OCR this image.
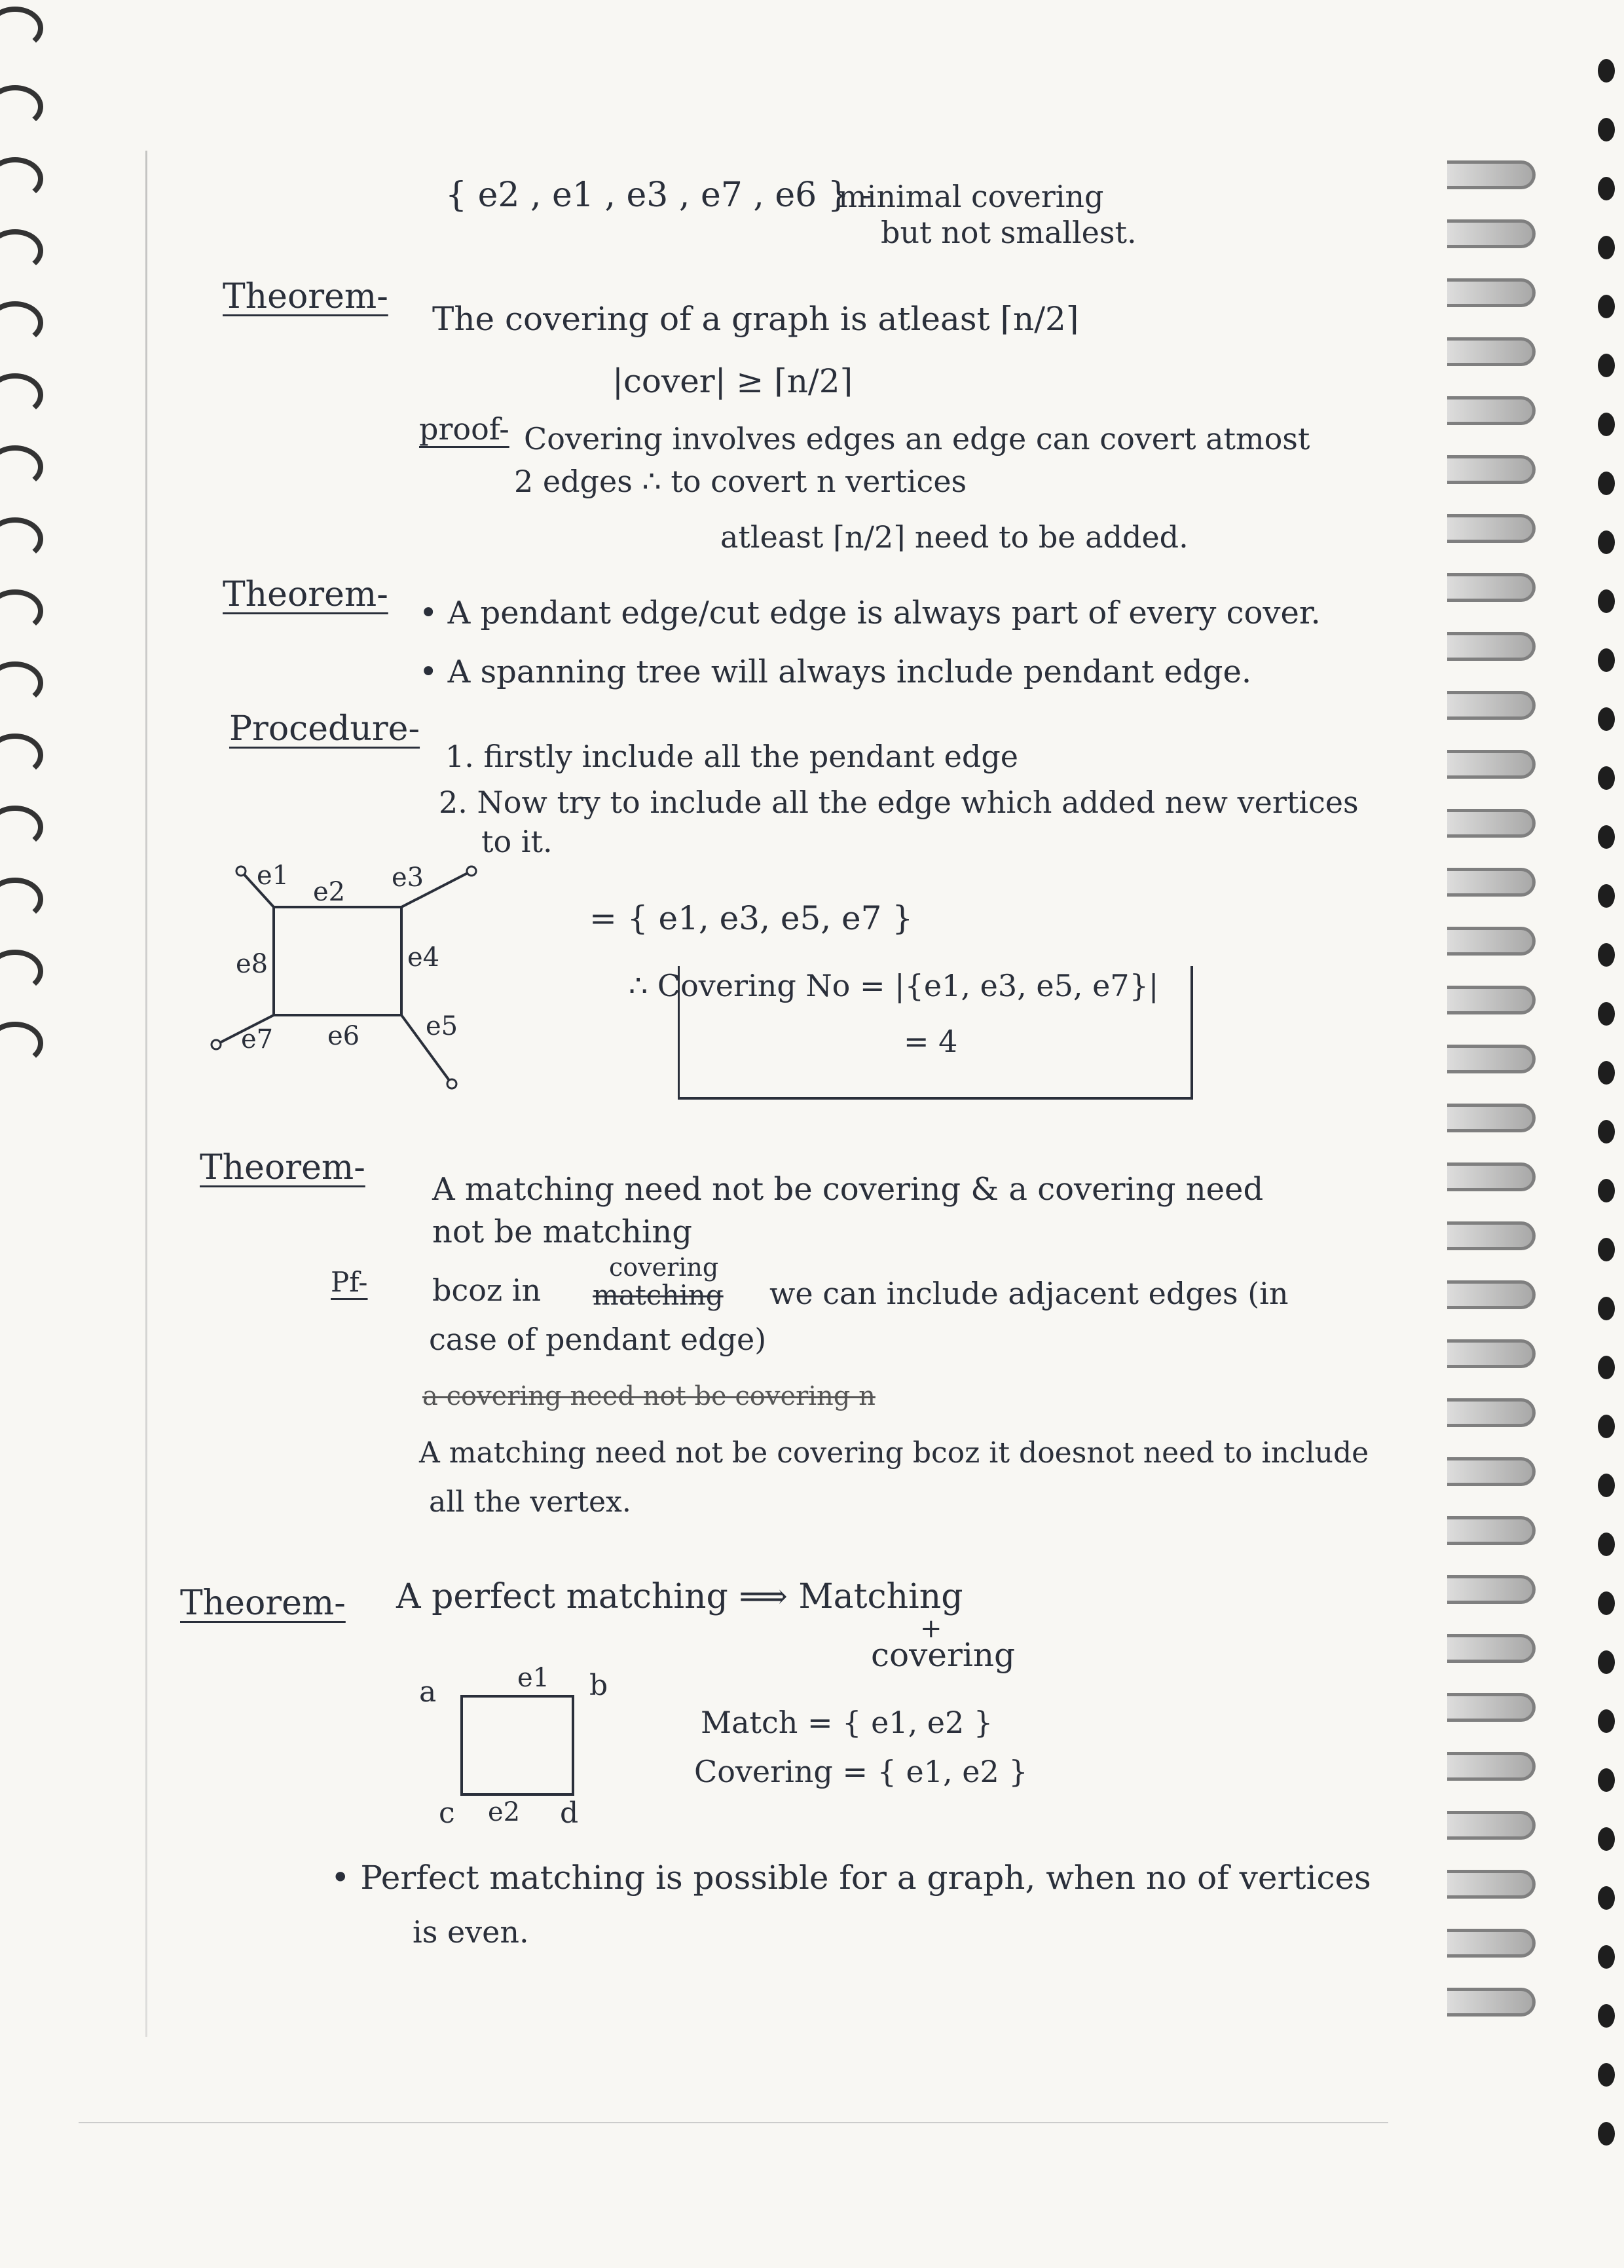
{ e2 , e1 , e3 , e7 , e6 } -
minimal covering
but not smallest.
Theorem-
The covering of a graph is atleast ⌈n/2⌉
|cover| ≥ ⌈n/2⌉
proof- Covering involves edges an edge can covert atmost
2 edges ∴ to covert n vertices
atleast ⌈n/2⌉ need to be added.
Theorem- • A pendant edge/cut edge is always part of every cover.
• A spanning tree will always include pendant edge.
Procedure-
1. firstly include all the pendant edge
2. Now try to include all the edge which added new vertices
to it.
e1
e2 e3
e4
e5
e6
e7
e8
= { e1, e3, e5, e7 }
∴ Covering No = |{e1, e3, e5, e7}|
= 4
Theorem-
A matching need not be covering & a covering need
not be matching
Pf- bcoz in
covering
matching we can include adjacent edges (in
case of pendant edge)
a covering need not be covering n
A matching need not be covering bcoz it doesnot need to include
all the vertex.
Theorem- A perfect matching ⟹ Matching
+
covering
a	b
c	d
e1
e2
Match = { e1, e2 }
Covering = { e1, e2 }
• Perfect matching is possible for a graph, when no of vertices
is even.
